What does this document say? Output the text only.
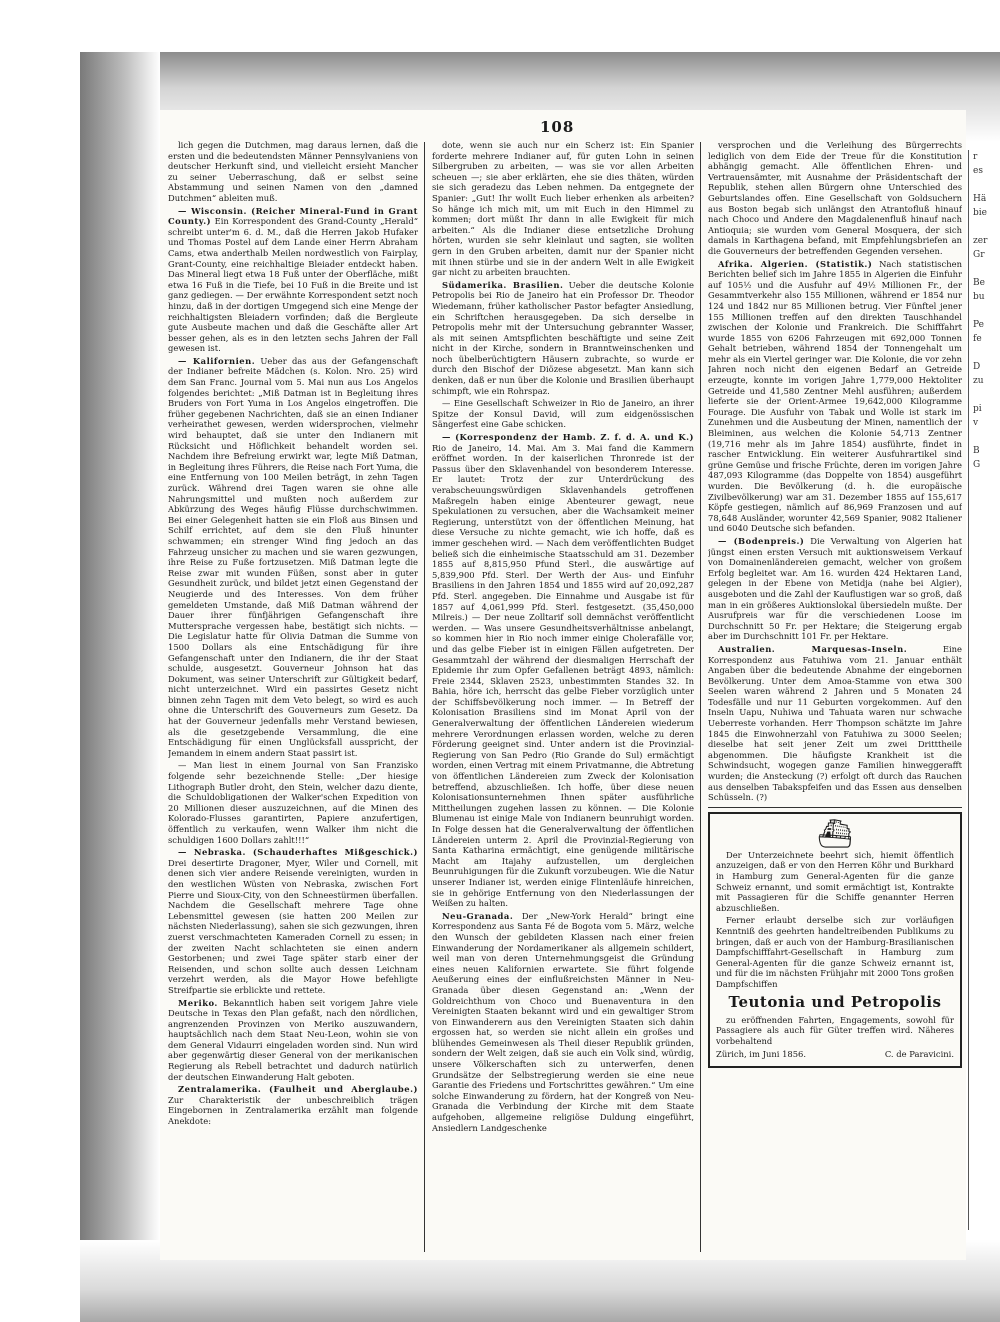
108

lich gegen die Dutchmen, mag daraus lernen, daß die ersten und die bedeutendsten Männer Pennsylvaniens von deutscher Herkunft sind, und vielleicht ersieht Mancher zu seiner Ueberraschung, daß er selbst seine Abstammung und seinen Namen von den „damned Dutchmen“ ableiten muß.

— Wisconsin. (Reicher Mineral-Fund in Grant County.) Ein Korrespondent des Grand-County „Herald“ schreibt unter'm 6. d. M., daß die Herren Jakob Hufaker und Thomas Postel auf dem Lande einer Herrn Abraham Cams, etwa anderthalb Meilen nordwestlich von Fairplay, Grant-County, eine reichhaltige Bleiader entdeckt haben. Das Mineral liegt etwa 18 Fuß unter der Oberfläche, mißt etwa 16 Fuß in die Tiefe, bei 10 Fuß in die Breite und ist ganz gediegen. — Der erwähnte Korrespondent setzt noch hinzu, daß in der dortigen Umgegend sich eine Menge der reichhaltigsten Bleiadern vorfinden; daß die Bergleute gute Ausbeute machen und daß die Geschäfte aller Art besser gehen, als es in den letzten sechs Jahren der Fall gewesen ist.

— Kalifornien. Ueber das aus der Gefangenschaft der Indianer befreite Mädchen (s. Kolon. Nro. 25) wird dem San Franc. Journal vom 5. Mai nun aus Los Angelos folgendes berichtet: „Miß Datman ist in Begleitung ihres Bruders von Fort Yuma in Los Angelos eingetroffen. Die früher gegebenen Nachrichten, daß sie an einen Indianer verheirathet gewesen, werden widersprochen, vielmehr wird behauptet, daß sie unter den Indianern mit Rücksicht und Höflichkeit behandelt worden sei. Nachdem ihre Befreiung erwirkt war, legte Miß Datman, in Begleitung ihres Führers, die Reise nach Fort Yuma, die eine Entfernung von 100 Meilen beträgt, in zehn Tagen zurück. Während drei Tagen waren sie ohne alle Nahrungsmittel und mußten noch außerdem zur Abkürzung des Weges häufig Flüsse durchschwimmen. Bei einer Gelegenheit hatten sie ein Floß aus Binsen und Schilf errichtet, auf dem sie den Fluß hinunter schwammen; ein strenger Wind fing jedoch an das Fahrzeug unsicher zu machen und sie waren gezwungen, ihre Reise zu Fuße fortzusetzen. Miß Datman legte die Reise zwar mit wunden Füßen, sonst aber in guter Gesundheit zurück, und bildet jetzt einen Gegenstand der Neugierde und des Interesses. Von dem früher gemeldeten Umstande, daß Miß Datman während der Dauer ihrer fünfjährigen Gefangenschaft ihre Muttersprache vergessen habe, bestätigt sich nichts. — Die Legislatur hatte für Olivia Datman die Summe von 1500 Dollars als eine Entschädigung für ihre Gefangenschaft unter den Indianern, die ihr der Staat schulde, ausgesetzt. Gouverneur Johnson hat das Dokument, was seiner Unterschrift zur Gültigkeit bedarf, nicht unterzeichnet. Wird ein passirtes Gesetz nicht binnen zehn Tagen mit dem Veto belegt, so wird es auch ohne die Unterschrift des Gouverneurs zum Gesetz. Da hat der Gouverneur jedenfalls mehr Verstand bewiesen, als die gesetzgebende Versammlung, die eine Entschädigung für einen Unglücksfall ausspricht, der Jemandem in einem andern Staat passirt ist.

— Man liest in einem Journal von San Franzisko folgende sehr bezeichnende Stelle: „Der hiesige Lithograph Butler droht, den Stein, welcher dazu diente, die Schuldobligationen der Walker'schen Expedition von 20 Millionen dieser auszuzeichnen, auf die Minen des Kolorado-Flusses garantirten, Papiere anzufertigen, öffentlich zu verkaufen, wenn Walker ihm nicht die schuldigen 1600 Dollars zahlt!!!“

— Nebraska. (Schauderhaftes Mißgeschick.) Drei desertirte Dragoner, Myer, Wiler und Cornell, mit denen sich vier andere Reisende vereinigten, wurden in den westlichen Wüsten von Nebraska, zwischen Fort Pierre und Sioux-City, von den Schneestürmen überfallen. Nachdem die Gesellschaft mehrere Tage ohne Lebensmittel gewesen (sie hatten 200 Meilen zur nächsten Niederlassung), sahen sie sich gezwungen, ihren zuerst verschmachteten Kameraden Cornell zu essen; in der zweiten Nacht schlachteten sie einen andern Gestorbenen; und zwei Tage später starb einer der Reisenden, und schon sollte auch dessen Leichnam verzehrt werden, als die Mayor Howe befehligte Streifpartie sie erblickte und rettete.

Meriko. Bekanntlich haben seit vorigem Jahre viele Deutsche in Texas den Plan gefaßt, nach den nördlichen, angrenzenden Provinzen von Meriko auszuwandern, hauptsächlich nach dem Staat Neu-Leon, wohin sie von dem General Vidaurri eingeladen worden sind. Nun wird aber gegenwärtig dieser General von der merikanischen Regierung als Rebell betrachtet und dadurch natürlich der deutschen Einwanderung Halt geboten.

Zentralamerika. (Faulheit und Aberglaube.) Zur Charakteristik der unbeschreiblich trägen Eingebornen in Zentralamerika erzählt man folgende Anekdote:

dote, wenn sie auch nur ein Scherz ist: Ein Spanier forderte mehrere Indianer auf, für guten Lohn in seinen Silbergruben zu arbeiten, — was sie vor allen Arbeiten scheuen —; sie aber erklärten, ehe sie dies thäten, würden sie sich geradezu das Leben nehmen. Da entgegnete der Spanier: „Gut! Ihr wollt Euch lieber erhenken als arbeiten? So hänge ich mich mit, um mit Euch in den Himmel zu kommen; dort müßt Ihr dann in alle Ewigkeit für mich arbeiten.“ Als die Indianer diese entsetzliche Drohung hörten, wurden sie sehr kleinlaut und sagten, sie wollten gern in den Gruben arbeiten, damit nur der Spanier nicht mit ihnen stürbe und sie in der andern Welt in alle Ewigkeit gar nicht zu arbeiten brauchten.

Südamerika. Brasilien. Ueber die deutsche Kolonie Petropolis bei Rio de Janeiro hat ein Professor Dr. Theodor Wiedemann, früher katholischer Pastor befagter Ansiedlung, ein Schriftchen herausgegeben. Da sich derselbe in Petropolis mehr mit der Untersuchung gebrannter Wasser, als mit seinen Amtspflichten beschäftigte und seine Zeit nicht in der Kirche, sondern in Branntweinschenken und noch übelberüchtigtern Häusern zubrachte, so wurde er durch den Bischof der Diözese abgesetzt. Man kann sich denken, daß er nun über die Kolonie und Brasilien überhaupt schimpft, wie ein Rohrspaz.

— Eine Gesellschaft Schweizer in Rio de Janeiro, an ihrer Spitze der Konsul David, will zum eidgenössischen Sängerfest eine Gabe schicken.

— (Korrespondenz der Hamb. Z. f. d. A. und K.) Rio de Janeiro, 14. Mai. Am 3. Mai fand die Kammern eröffnet worden. In der kaiserlichen Thronrede ist der Passus über den Sklavenhandel von besonderem Interesse. Er lautet: Trotz der zur Unterdrückung des verabscheuungswürdigen Sklavenhandels getroffenen Maßregeln haben einige Abenteurer gewagt, neue Spekulationen zu versuchen, aber die Wachsamkeit meiner Regierung, unterstützt von der öffentlichen Meinung, hat diese Versuche zu nichte gemacht, wie ich hoffe, daß es immer geschehen wird. — Nach dem veröffentlichten Budget beließ sich die einheimische Staatsschuld am 31. Dezember 1855 auf 8,815,950 Pfund Sterl., die auswärtige auf 5,839,900 Pfd. Sterl. Der Werth der Aus- und Einfuhr Brasiliens in den Jahren 1854 und 1855 wird auf 20,092,287 Pfd. Sterl. angegeben. Die Einnahme und Ausgabe ist für 1857 auf 4,061,999 Pfd. Sterl. festgesetzt. (35,450,000 Milreis.) — Der neue Zolltarif soll demnächst veröffentlicht werden. — Was unsere Gesundheitsverhältnisse anbelangt, so kommen hier in Rio noch immer einige Cholerafälle vor, und das gelbe Fieber ist in einigen Fällen aufgetreten. Der Gesammtzahl der während der diesmaligen Herrschaft der Epidemie ihr zum Opfer Gefallenen beträgt 4893, nämlich: Freie 2344, Sklaven 2523, unbestimmten Standes 32. In Bahia, höre ich, herrscht das gelbe Fieber vorzüglich unter der Schiffsbevölkerung noch immer. — In Betreff der Kolonisation Brasiliens sind im Monat April von der Generalverwaltung der öffentlichen Ländereien wiederum mehrere Verordnungen erlassen worden, welche zu deren Förderung geeignet sind. Unter andern ist die Provinzial-Regierung von San Pedro (Rio Grande do Sul) ermächtigt worden, einen Vertrag mit einem Privatmanne, die Abtretung von öffentlichen Ländereien zum Zweck der Kolonisation betreffend, abzuschließen. Ich hoffe, über diese neuen Kolonisationsunternehmen Ihnen später ausführliche Mittheilungen zugehen lassen zu können. — Die Kolonie Blumenau ist einige Male von Indianern beunruhigt worden. In Folge dessen hat die Generalverwaltung der öffentlichen Ländereien unterm 2. April die Provinzial-Regierung von Santa Katharina ermächtigt, eine genügende militärische Macht am Itajahy aufzustellen, um dergleichen Beunruhigungen für die Zukunft vorzubeugen. Wie die Natur unserer Indianer ist, werden einige Flintenläufe hinreichen, sie in gehörige Entfernung von den Niederlassungen der Weißen zu halten.

Neu-Granada. Der „New-York Herald“ bringt eine Korrespondenz aus Santa Fé de Bogota vom 5. März, welche den Wunsch der gebildeten Klassen nach einer freien Einwanderung der Nordamerikaner als allgemein schildert, weil man von deren Unternehmungsgeist die Gründung eines neuen Kalifornien erwartete. Sie führt folgende Aeußerung eines der einflußreichsten Männer in Neu-Granada über diesen Gegenstand an: „Wenn der Goldreichthum von Choco und Buenaventura in den Vereinigten Staaten bekannt wird und ein gewaltiger Strom von Einwanderern aus den Vereinigten Staaten sich dahin ergossen hat, so werden sie nicht allein ein großes und blühendes Gemeinwesen als Theil dieser Republik gründen, sondern der Welt zeigen, daß sie auch ein Volk sind, würdig, unsere Völkerschaften sich zu unterwerfen, denen Grundsätze der Selbstregierung werden sie eine neue Garantie des Friedens und Fortschrittes gewähren.“ Um eine solche Einwanderung zu fördern, hat der Kongreß von Neu-Granada die Verbindung der Kirche mit dem Staate aufgehoben, allgemeine religiöse Duldung eingeführt, Ansiedlern Landgeschenke

versprochen und die Verleihung des Bürgerrechts lediglich von dem Eide der Treue für die Konstitution abhängig gemacht. Alle öffentlichen Ehren- und Vertrauensämter, mit Ausnahme der Präsidentschaft der Republik, stehen allen Bürgern ohne Unterschied des Geburtslandes offen. Eine Gesellschaft von Goldsuchern aus Boston begab sich unlängst den Atrantofluß hinauf nach Choco und Andere den Magdalenenfluß hinauf nach Antioquia; sie wurden vom General Mosquera, der sich damals in Karthagena befand, mit Empfehlungsbriefen an die Gouverneurs der betreffenden Gegenden versehen.

Afrika. Algerien. (Statistik.) Nach statistischen Berichten belief sich im Jahre 1855 in Algerien die Einfuhr auf 105½ und die Ausfuhr auf 49½ Millionen Fr., der Gesammtverkehr also 155 Millionen, während er 1854 nur 124 und 1842 nur 85 Millionen betrug. Vier Fünftel jener 155 Millionen treffen auf den direkten Tauschhandel zwischen der Kolonie und Frankreich. Die Schifffahrt wurde 1855 von 6206 Fahrzeugen mit 692,000 Tonnen Gehalt betrieben, während 1854 der Tonnengehalt um mehr als ein Viertel geringer war. Die Kolonie, die vor zehn Jahren noch nicht den eigenen Bedarf an Getreide erzeugte, konnte im vorigen Jahre 1,779,000 Hektoliter Getreide und 41,580 Zentner Mehl ausführen; außerdem lieferte sie der Orient-Armee 19,642,000 Kilogramme Fourage. Die Ausfuhr von Tabak und Wolle ist stark im Zunehmen und die Ausbeutung der Minen, namentlich der Bleiminen, aus welchen die Kolonie 54,713 Zentner (19,716 mehr als im Jahre 1854) ausführte, findet in rascher Entwicklung. Ein weiterer Ausfuhrartikel sind grüne Gemüse und frische Früchte, deren im vorigen Jahre 487,093 Kilogramme (das Doppelte von 1854) ausgeführt wurden. Die Bevölkerung (d. h. die europäische Zivilbevölkerung) war am 31. Dezember 1855 auf 155,617 Köpfe gestiegen, nämlich auf 86,969 Franzosen und auf 78,648 Ausländer, worunter 42,569 Spanier, 9082 Italiener und 6040 Deutsche sich befanden.

— (Bodenpreis.) Die Verwaltung von Algerien hat jüngst einen ersten Versuch mit auktionsweisem Verkauf von Domainenländereien gemacht, welcher von großem Erfolg begleitet war. Am 16. wurden 424 Hektaren Land, gelegen in der Ebene von Metidja (nahe bei Algier), ausgeboten und die Zahl der Kauflustigen war so groß, daß man in ein größeres Auktionslokal übersiedeln mußte. Der Ausrufpreis war für die verschiedenen Loose im Durchschnitt 50 Fr. per Hektare; die Steigerung ergab aber im Durchschnitt 101 Fr. per Hektare.

Australien. Marquesas-Inseln.	Eine Korrespondenz aus Fatuhiwa vom 21. Januar enthält Angaben über die bedeutende Abnahme der eingebornen Bevölkerung. Unter dem Amoa-Stamme von etwa 300 Seelen waren während 2 Jahren und 5 Monaten 24 Todesfälle und nur 11 Geburten vorgekommen. Auf den Inseln Uapu, Nuhiwa und Tahuata waren nur schwache Ueberreste vorhanden. Herr Thompson schätzte im Jahre 1845 die Einwohnerzahl von Fatuhiwa zu 3000 Seelen; dieselbe hat seit jener Zeit um zwei Dritttheile abgenommen. Die häufigste Krankheit ist die Schwindsucht, wogegen ganze Familien hinweggerafft wurden; die Ansteckung (?) erfolgt oft durch das Rauchen aus denselben Tabakspfeifen und das Essen aus denselben Schüsseln. (?)

⛴

Der Unterzeichnete beehrt sich, hiemit öffentlich anzuzeigen, daß er von den Herren Köhr und Burkhard in Hamburg zum General-Agenten für die ganze Schweiz ernannt, und somit ermächtigt ist, Kontrakte mit Passagieren für die Schiffe genannter Herren abzuschließen.

Ferner erlaubt derselbe sich zur vorläufigen Kenntniß des geehrten handeltreibenden Publikums zu bringen, daß er auch von der Hamburg-Brasilianischen Dampfschifffahrt-Gesellschaft in Hamburg zum General-Agenten für die ganze Schweiz ernannt ist, und für die im nächsten Frühjahr mit 2000 Tons großen Dampfschiffen

Teutonia und Petropolis

zu eröffnenden Fahrten, Engagements, sowohl für Passagiere als auch für Güter treffen wird. Näheres vorbehaltend

Zürich, im Juni 1856.	C. de Paravicini.

r
es

Hä
bie

zer
Gr

Be
bu

Pe
fe

D
zu

pi
v

B
G
